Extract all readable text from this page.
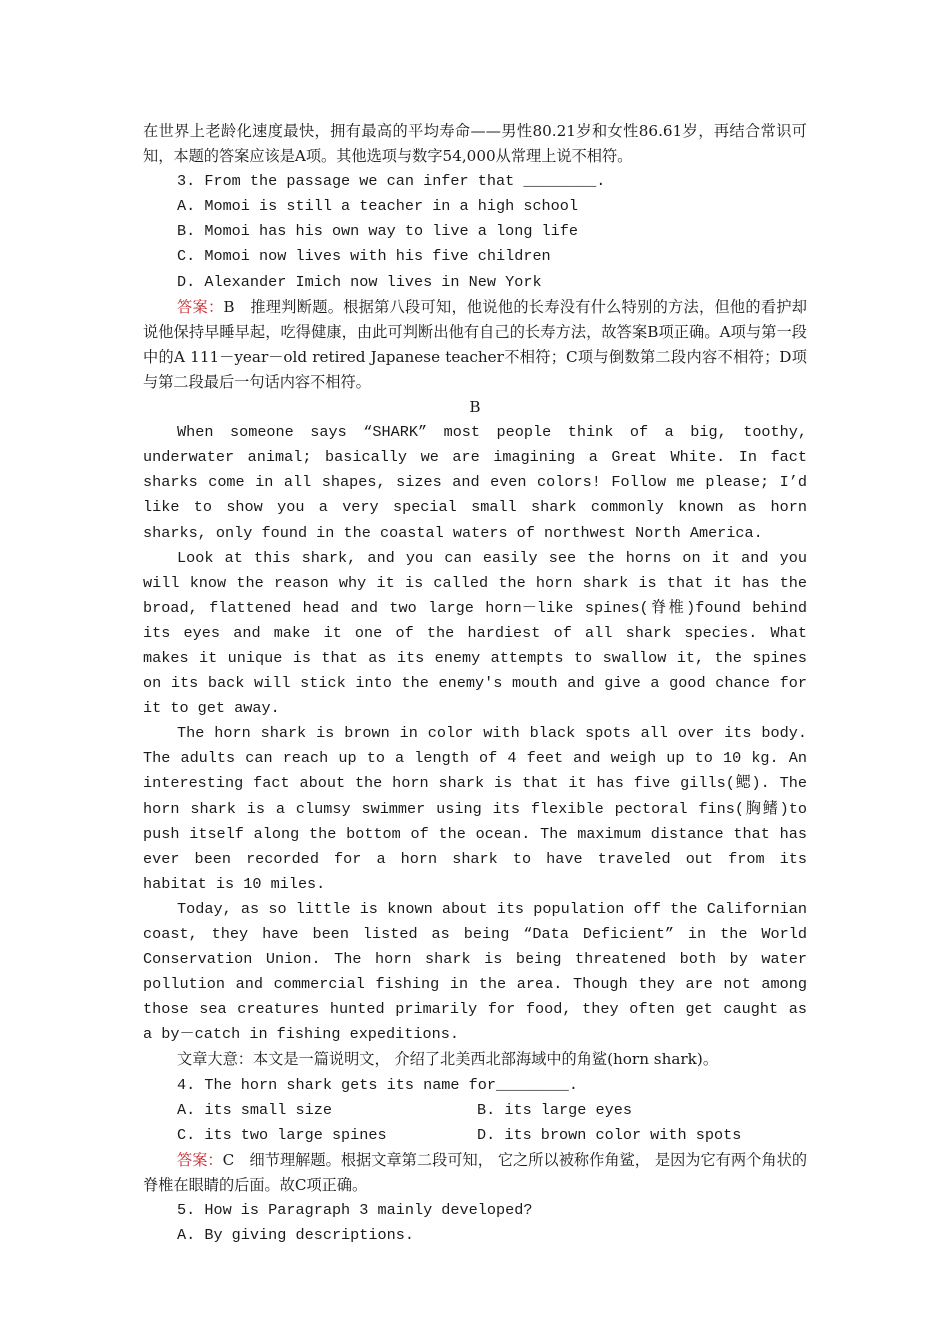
在世界上老龄化速度最快，拥有最高的平均寿命——男性80.21岁和女性86.61岁，再结合常识可知，本题的答案应该是A项。其他选项与数字54,000从常理上说不相符。

3. From the passage we can infer that ________.

A. Momoi is still a teacher in a high school

B. Momoi has his own way to live a long life

C. Momoi now lives with his five children

D. Alexander Imich now lives in New York

答案：B　推理判断题。根据第八段可知，他说他的长寿没有什么特别的方法，但他的看护却说他保持早睡早起，吃得健康，由此可判断出他有自己的长寿方法，故答案B项正确。A项与第一段中的A 111－year－old retired Japanese teacher不相符；C项与倒数第二段内容不相符；D项与第二段最后一句话内容不相符。

B

When someone says “SHARK” most people think of a big, toothy, underwater animal; basically we are imagining a Great White. In fact sharks come in all shapes, sizes and even colors! Follow me please; I’d like to show you a very special small shark commonly known as horn sharks, only found in the coastal waters of northwest North America.

Look at this shark, and you can easily see the horns on it and you will know the reason why it is called the horn shark is that it has the broad, flattened head and two large horn－like spines(脊椎)found behind its eyes and make it one of the hardiest of all shark species. What makes it unique is that as its enemy attempts to swallow it, the spines on its back will stick into the enemy's mouth and give a good chance for it to get away.

The horn shark is brown in color with black spots all over its body. The adults can reach up to a length of 4 feet and weigh up to 10 kg. An interesting fact about the horn shark is that it has five gills(鳃). The horn shark is a clumsy swimmer using its flexible pectoral fins(胸鳍)to push itself along the bottom of the ocean. The maximum distance that has ever been recorded for a horn shark to have traveled out from its habitat is 10 miles.

Today, as so little is known about its population off the Californian coast, they have been listed as being “Data Deficient” in the World Conservation Union. The horn shark is being threatened both by water pollution and commercial fishing in the area. Though they are not among those sea creatures hunted primarily for food, they often get caught as a by－catch in fishing expeditions.

文章大意：本文是一篇说明文， 介绍了北美西北部海域中的角鲨(horn shark)。

4. The horn shark gets its name for________.

A. its small size	B. its large eyes
C. its two large spines	D. its brown color with spots

答案：C　细节理解题。根据文章第二段可知， 它之所以被称作角鲨， 是因为它有两个角状的脊椎在眼睛的后面。故C项正确。

5. How is Paragraph 3 mainly developed?

A. By giving descriptions.
